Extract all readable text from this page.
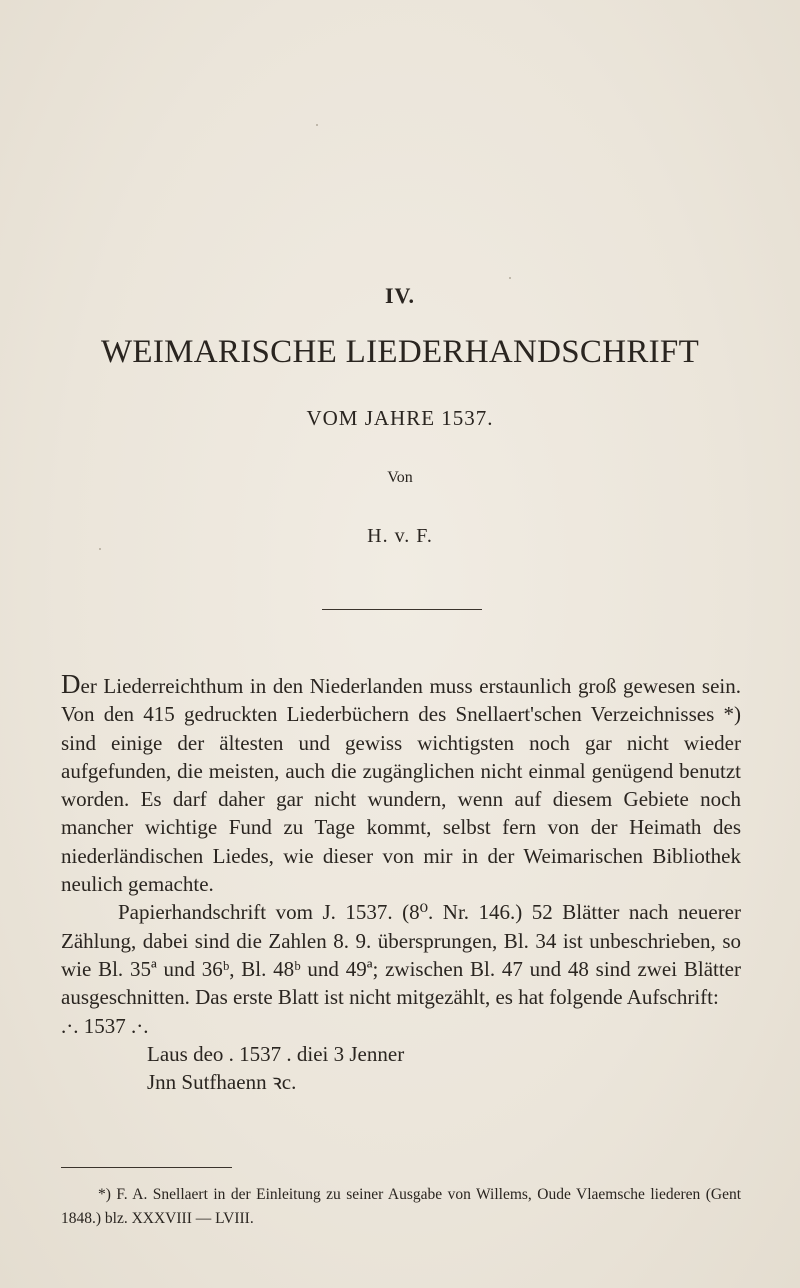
IV.
WEIMARISCHE LIEDERHANDSCHRIFT
VOM JAHRE 1537.
Von
H. v. F.

Der Liederreichthum in den Niederlanden muss erstaunlich groß gewesen sein. Von den 415 gedruckten Liederbüchern des Snellaert'schen Verzeichnisses *) sind einige der ältesten und gewiss wichtigsten noch gar nicht wieder aufgefunden, die meisten, auch die zugänglichen nicht einmal genügend benutzt worden. Es darf daher gar nicht wundern, wenn auf diesem Gebiete noch mancher wichtige Fund zu Tage kommt, selbst fern von der Heimath des niederländischen Liedes, wie dieser von mir in der Weimarischen Bibliothek neulich gemachte.

Papierhandschrift vom J. 1537. (8⁰. Nr. 146.) 52 Blätter nach neuerer Zählung, dabei sind die Zahlen 8. 9. übersprungen, Bl. 34 ist unbeschrieben, so wie Bl. 35ª und 36ᵇ, Bl. 48ᵇ und 49ª; zwischen Bl. 47 und 48 sind zwei Blätter ausgeschnitten. Das erste Blatt ist nicht mitgezählt, es hat folgende Aufschrift:

.·. 1537 .·.

Laus deo . 1537 . diei 3 Jenner

Jnn Sutfhaenn ꝛc.

*) F. A. Snellaert in der Einleitung zu seiner Ausgabe von Willems, Oude Vlaemsche liederen (Gent 1848.) blz. XXXVIII — LVIII.
